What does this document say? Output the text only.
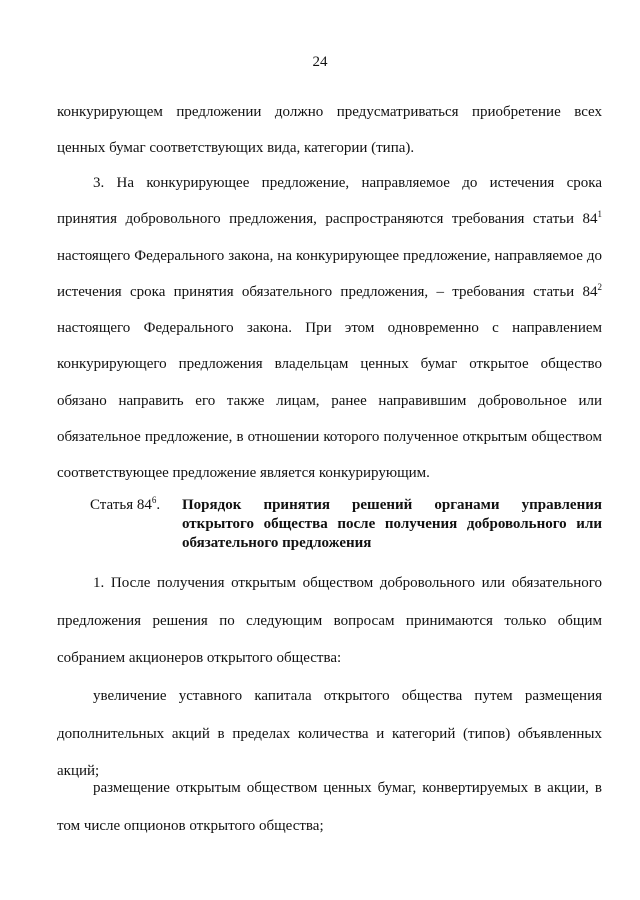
24

конкурирующем предложении должно предусматриваться приобретение всех ценных бумаг соответствующих вида, категории (типа).

3. На конкурирующее предложение, направляемое до истечения срока принятия добровольного предложения, распространяются требования статьи $84^1$ настоящего Федерального закона, на конкурирующее предложение, направляемое до истечения срока принятия обязательного предложения, – требования статьи $84^2$ настоящего Федерального закона. При этом одновременно с направлением конкурирующего предложения владельцам ценных бумаг открытое общество обязано направить его также лицам, ранее направившим добровольное или обязательное предложение, в отношении которого полученное открытым обществом соответствующее предложение является конкурирующим.

Статья $84^6$. Порядок принятия решений органами управления открытого общества после получения добровольного или обязательного предложения

1. После получения открытым обществом добровольного или обязательного предложения решения по следующим вопросам принимаются только общим собранием акционеров открытого общества:

увеличение уставного капитала открытого общества путем размещения дополнительных акций в пределах количества и категорий (типов) объявленных акций;

размещение открытым обществом ценных бумаг, конвертируемых в акции, в том числе опционов открытого общества;
